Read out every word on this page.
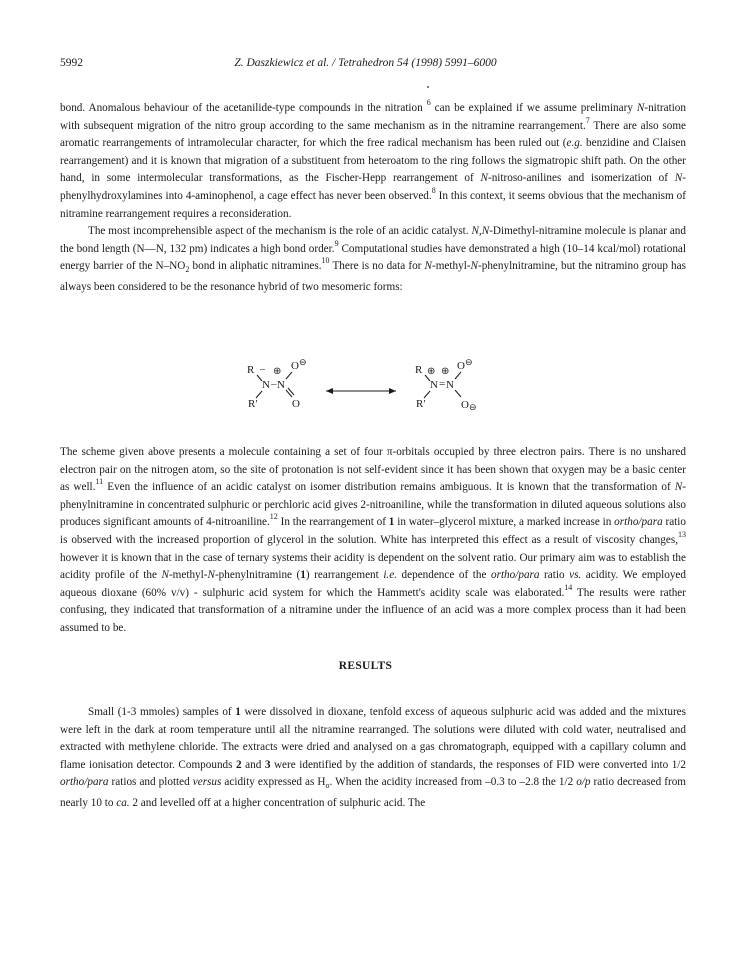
5992	Z. Daszkiewicz et al. / Tetrahedron 54 (1998) 5991–6000

bond. Anomalous behaviour of the acetanilide-type compounds in the nitration $^6$ can be explained if we assume preliminary N-nitration with subsequent migration of the nitro group according to the same mechanism as in the nitramine rearrangement.$^7$ There are also some aromatic rearrangements of intramolecular character, for which the free radical mechanism has been ruled out (e.g. benzidine and Claisen rearrangement) and it is known that migration of a substituent from heteroatom to the ring follows the sigmatropic shift path. On the other hand, in some intermolecular transformations, as the Fischer-Hepp rearrangement of N-nitroso-anilines and isomerization of N-phenylhydroxylamines into 4-aminophenol, a cage effect has never been observed.$^8$ In this context, it seems obvious that the mechanism of nitramine rearrangement requires a reconsideration.

The most incomprehensible aspect of the mechanism is the role of an acidic catalyst. N,N-Dimethyl-nitramine molecule is planar and the bond length (N—N, 132 pm) indicates a high bond order.$^9$ Computational studies have demonstrated a high (10–14 kcal/mol) rotational energy barrier of the $N-NO_2$ bond in aliphatic nitramines.$^{10}$ There is no data for N-methyl-N-phenylnitramine, but the nitramino group has always been considered to be the resonance hybrid of two mesomeric forms:

R – ⊕ O ⊖
N – N
R'	O
R ⊕ ⊕ O ⊖
N = N
R'	O ⊖

The scheme given above presents a molecule containing a set of four π-orbitals occupied by three electron pairs. There is no unshared electron pair on the nitrogen atom, so the site of protonation is not self-evident since it has been shown that oxygen may be a basic center as well.$^{11}$ Even the influence of an acidic catalyst on isomer distribution remains ambiguous. It is known that the transformation of N-phenylnitramine in concentrated sulphuric or perchloric acid gives 2-nitroaniline, while the transformation in diluted aqueous solutions also produces significant amounts of 4-nitroaniline.$^{12}$ In the rearrangement of 1 in water–glycerol mixture, a marked increase in ortho/para ratio is observed with the increased proportion of glycerol in the solution. White has interpreted this effect as a result of viscosity changes,$^{13}$ however it is known that in the case of ternary systems their acidity is dependent on the solvent ratio. Our primary aim was to establish the acidity profile of the N-methyl-N-phenylnitramine (1) rearrangement i.e. dependence of the ortho/para ratio vs. acidity. We employed aqueous dioxane (60% v/v) - sulphuric acid system for which the Hammett's acidity scale was elaborated.$^{14}$ The results were rather confusing, they indicated that transformation of a nitramine under the influence of an acid was a more complex process than it had been assumed to be.

RESULTS

Small (1-3 mmoles) samples of 1 were dissolved in dioxane, tenfold excess of aqueous sulphuric acid was added and the mixtures were left in the dark at room temperature until all the nitramine rearranged. The solutions were diluted with cold water, neutralised and extracted with methylene chloride. The extracts were dried and analysed on a gas chromatograph, equipped with a capillary column and flame ionisation detector. Compounds 2 and 3 were identified by the addition of standards, the responses of FID were converted into 1/2 ortho/para ratios and plotted versus acidity expressed as $H_o$. When the acidity increased from –0.3 to –2.8 the 1/2 o/p ratio decreased from nearly 10 to ca. 2 and levelled off at a higher concentration of sulphuric acid. The
